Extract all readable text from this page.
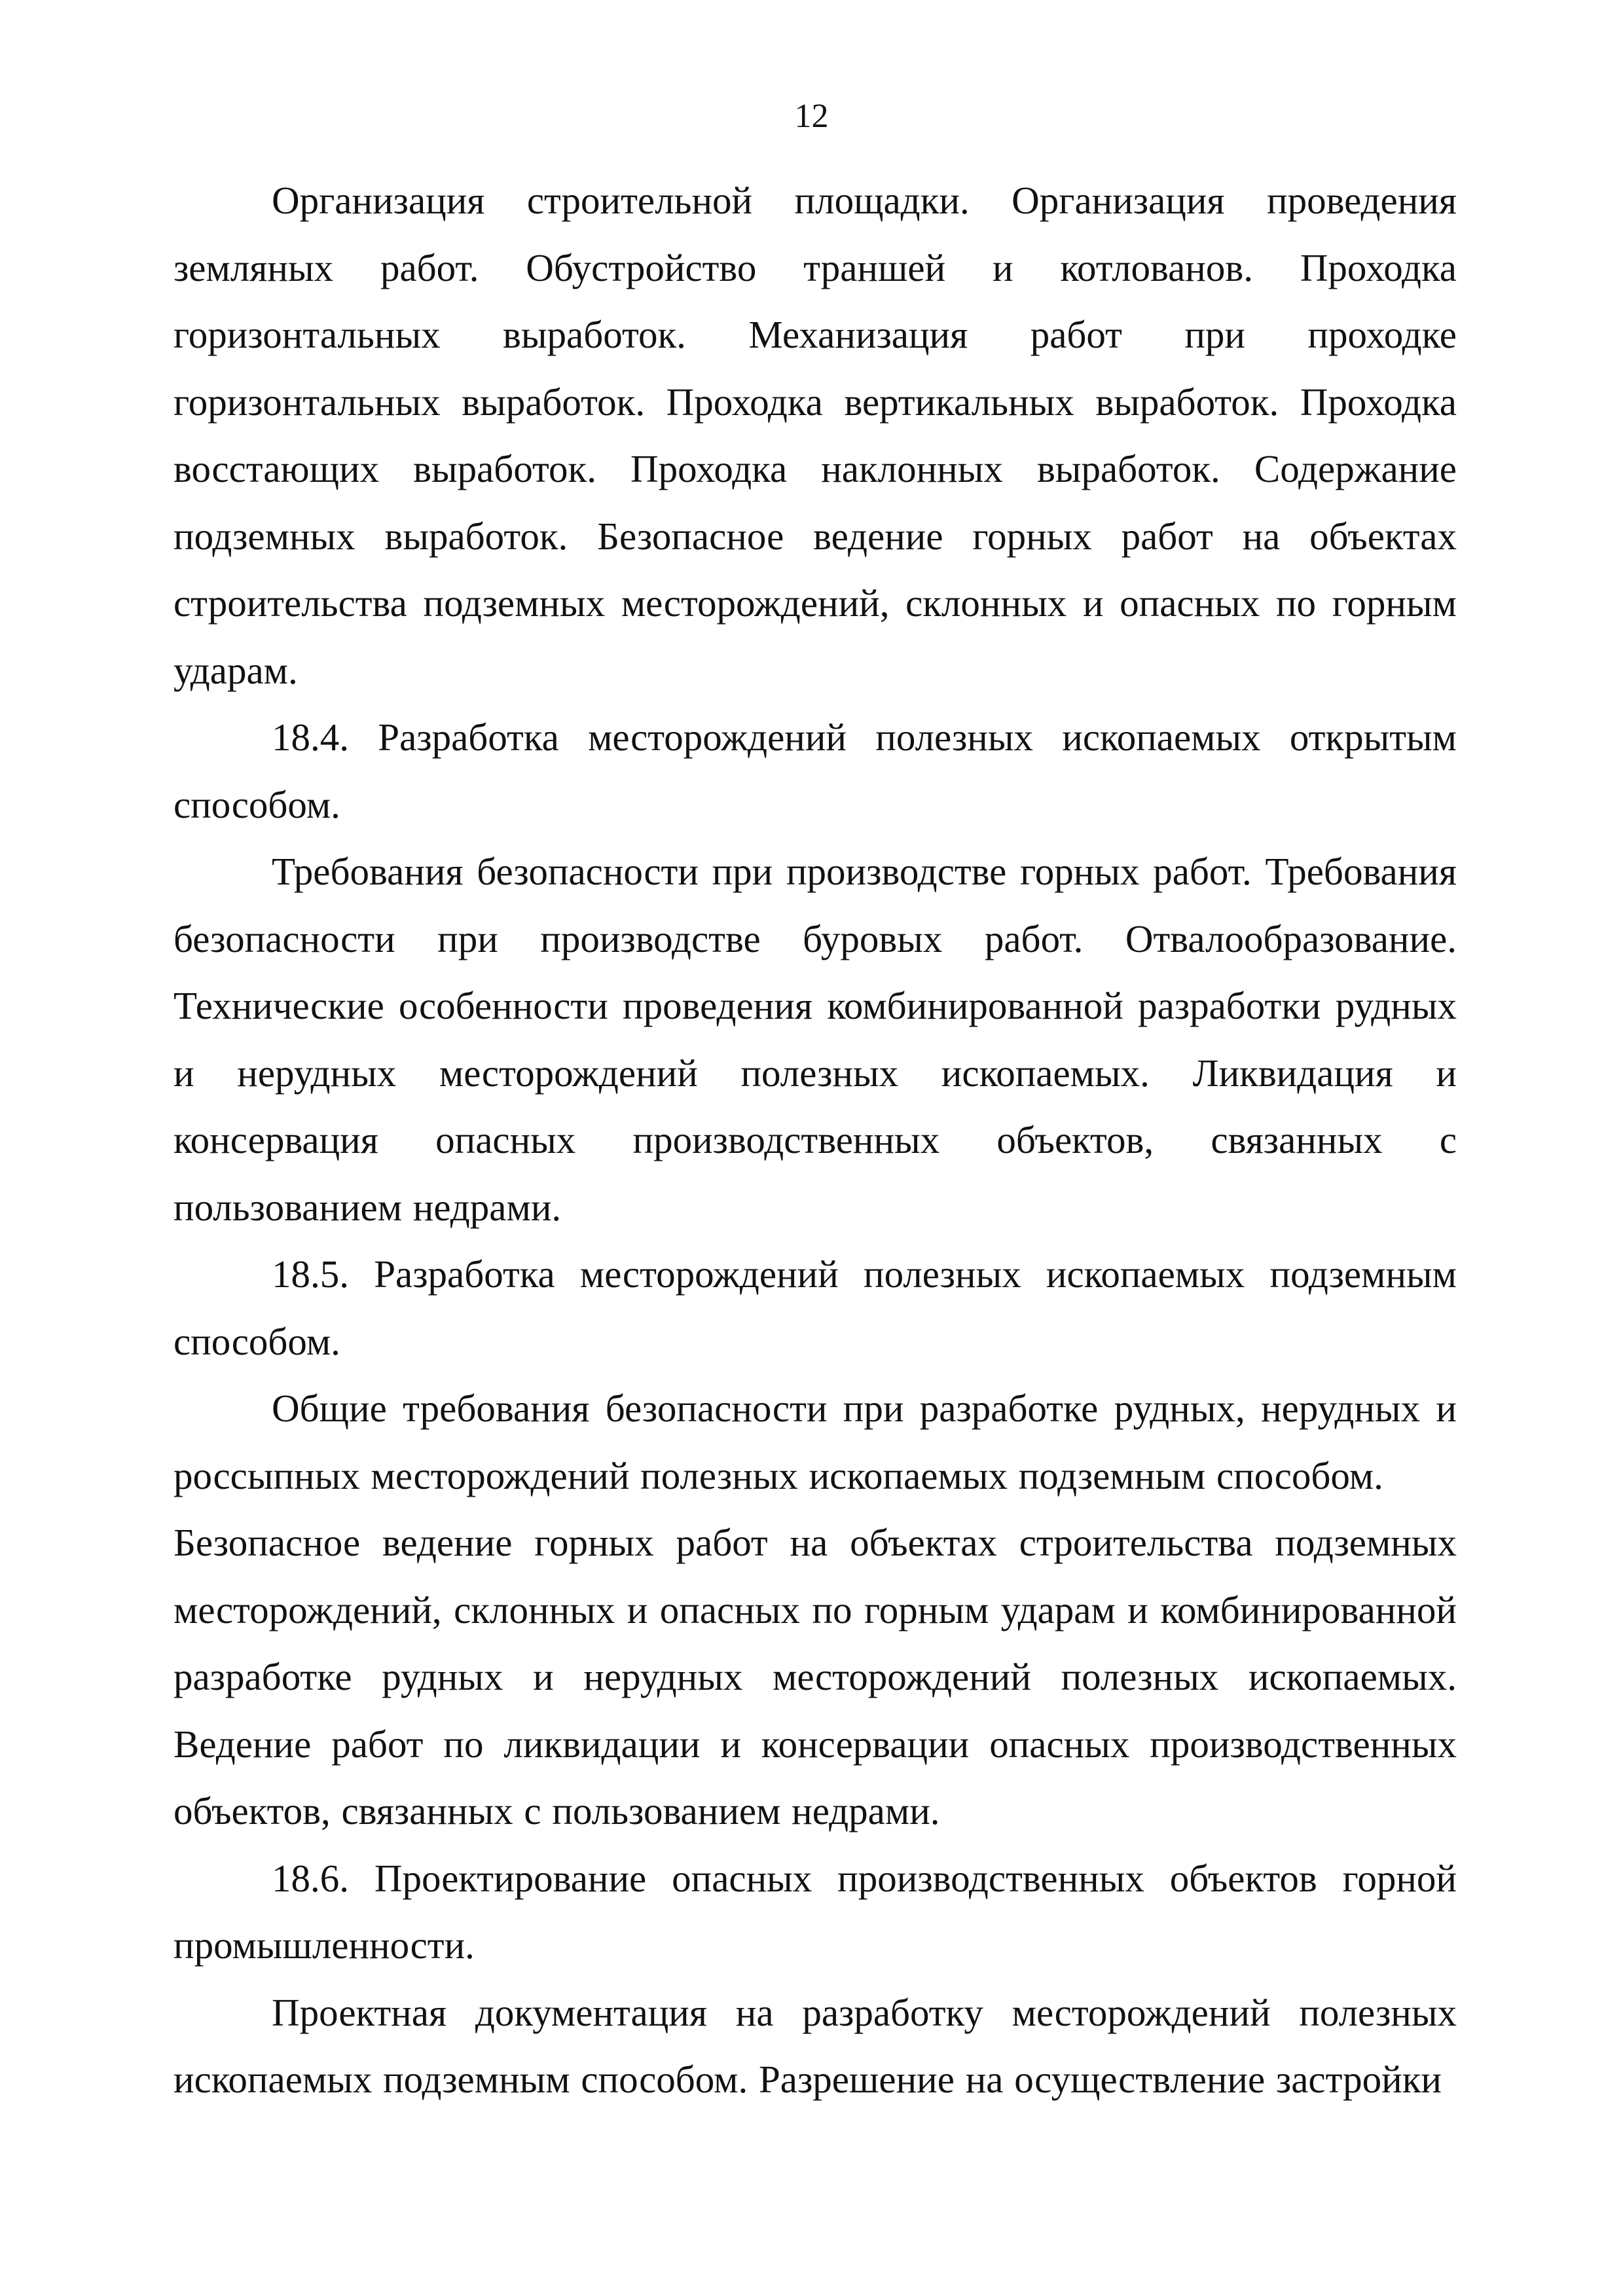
12

Организация строительной площадки. Организация проведения земляных работ. Обустройство траншей и котлованов. Проходка горизонтальных выработок. Механизация работ при проходке горизонтальных выработок. Проходка вертикальных выработок. Проходка восстающих выработок. Проходка наклонных выработок. Содержание подземных выработок. Безопасное ведение горных работ на объектах строительства подземных месторождений, склонных и опасных по горным ударам.

18.4. Разработка месторождений полезных ископаемых открытым способом.

Требования безопасности при производстве горных работ. Требования безопасности при производстве буровых работ. Отвалообразование. Технические особенности проведения комбинированной разработки рудных и нерудных месторождений полезных ископаемых. Ликвидация и консервация опасных производственных объектов, связанных с пользованием недрами.

18.5. Разработка месторождений полезных ископаемых подземным способом.

Общие требования безопасности при разработке рудных, нерудных и россыпных месторождений полезных ископаемых подземным способом.

Безопасное ведение горных работ на объектах строительства подземных месторождений, склонных и опасных по горным ударам и комбинированной разработке рудных и нерудных месторождений полезных ископаемых. Ведение работ по ликвидации и консервации опасных производственных объектов, связанных с пользованием недрами.

18.6. Проектирование опасных производственных объектов горной промышленности.

Проектная документация на разработку месторождений полезных ископаемых подземным способом. Разрешение на осуществление застройки
